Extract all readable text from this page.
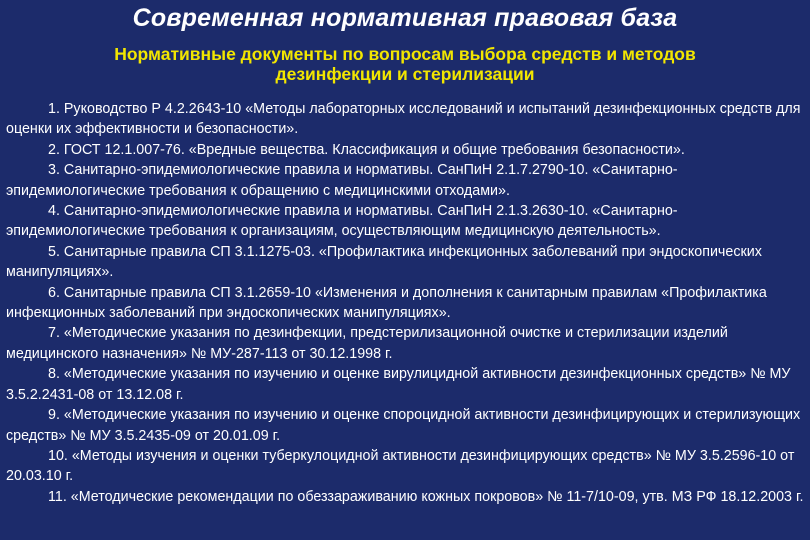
Современная нормативная правовая база
Нормативные документы по вопросам выбора средств и методов дезинфекции и стерилизации
1. Руководство Р 4.2.2643-10 «Методы лабораторных исследований и испытаний дезинфекционных средств для оценки их эффективности и безопасности».
2. ГОСТ 12.1.007-76. «Вредные вещества. Классификация и общие требования безопасности».
3. Санитарно-эпидемиологические правила и нормативы. СанПиН 2.1.7.2790-10. «Санитарно-эпидемиологические требования к обращению с медицинскими отходами».
4. Санитарно-эпидемиологические правила и нормативы. СанПиН 2.1.3.2630-10. «Санитарно-эпидемиологические требования к организациям, осуществляющим медицинскую деятельность».
5. Санитарные правила СП 3.1.1275-03. «Профилактика инфекционных заболеваний при эндоскопических манипуляциях».
6. Санитарные правила СП 3.1.2659-10 «Изменения и дополнения к санитарным правилам «Профилактика инфекционных заболеваний при эндоскопических манипуляциях».
7. «Методические указания по дезинфекции, предстерилизационной очистке и стерилизации изделий медицинского назначения» № МУ-287-113 от 30.12.1998 г.
8. «Методические указания по изучению и оценке вирулицидной активности дезинфекционных средств» № МУ 3.5.2.2431-08 от 13.12.08 г.
9. «Методические указания по изучению и оценке спороцидной активности дезинфицирующих и стерилизующих средств» № МУ 3.5.2435-09 от 20.01.09 г.
10. «Методы изучения и оценки туберкулоцидной активности дезинфицирующих средств» № МУ 3.5.2596-10 от 20.03.10 г.
11. «Методические рекомендации по обеззараживанию кожных покровов» № 11-7/10-09, утв. МЗ РФ 18.12.2003 г.
